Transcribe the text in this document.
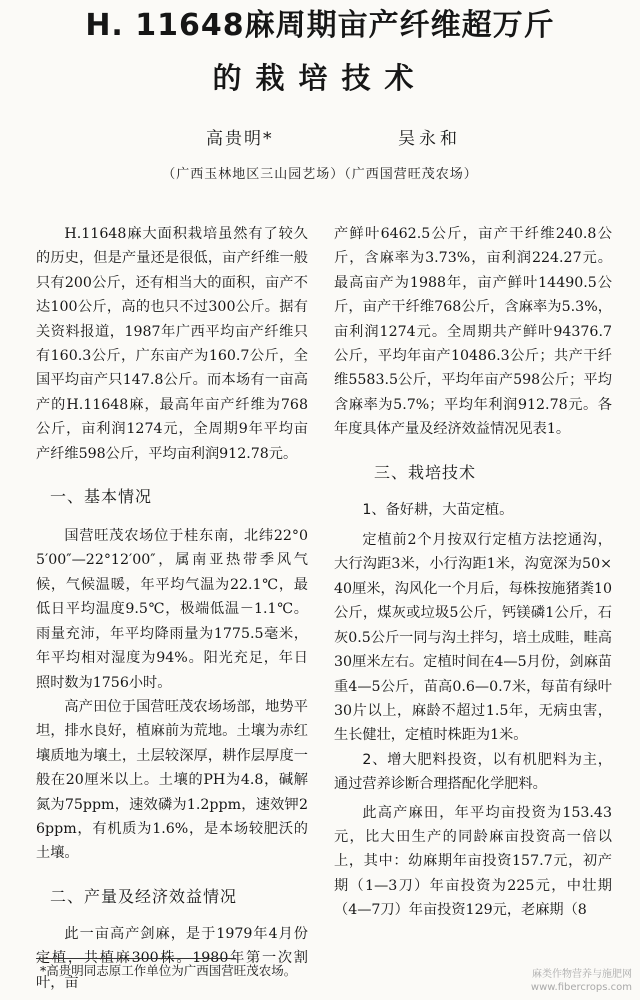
H. 11648麻周期亩产纤维超万斤
的栽培技术
高贵明*	吴永和
（广西玉林地区三山园艺场）（广西国营旺茂农场）

H.11648麻大面积栽培虽然有了较久的历史，但是产量还是很低，亩产纤维一般只有200公斤，还有相当大的面积，亩产不达100公斤，高的也只不过300公斤。据有关资料报道，1987年广西平均亩产纤维只有160.3公斤，广东亩产为160.7公斤，全国平均亩产只147.8公斤。而本场有一亩高产的H.11648麻，最高年亩产纤维为768公斤，亩利润1274元，全周期9年平均亩产纤维598公斤，平均亩利润912.78元。

一、基本情况

国营旺茂农场位于桂东南，北纬22°05′00″—22°12′00″，属南亚热带季风气候，气候温暖，年平均气温为22.1℃，最低日平均温度9.5℃，极端低温－1.1℃。雨量充沛，年平均降雨量为1775.5毫米，年平均相对湿度为94%。阳光充足，年日照时数为1756小时。

高产田位于国营旺茂农场场部，地势平坦，排水良好，植麻前为荒地。土壤为赤红壤质地为壤土，土层较深厚，耕作层厚度一般在20厘米以上。土壤的PH为4.8，碱解氮为75ppm，速效磷为1.2ppm，速效钾26ppm，有机质为1.6%，是本场较肥沃的土壤。

二、产量及经济效益情况

此一亩高产剑麻，是于1979年4月份定植，共植麻300株。1980年第一次割叶，亩

产鲜叶6462.5公斤，亩产干纤维240.8公斤，含麻率为3.73%，亩利润224.27元。最高亩产为1988年，亩产鲜叶14490.5公斤，亩产干纤维768公斤，含麻率为5.3%，亩利润1274元。全周期共产鲜叶94376.7公斤，平均年亩产10486.3公斤；共产干纤维5583.5公斤，平均年亩产598公斤；平均含麻率为5.7%；平均年利润912.78元。各年度具体产量及经济效益情况见表1。

三、栽培技术

1、备好耕，大苗定植。

定植前2个月按双行定植方法挖通沟，大行沟距3米，小行沟距1米，沟宽深为50×40厘米，沟风化一个月后，每株按施猪粪10公斤，煤灰或垃圾5公斤，钙镁磷1公斤，石灰0.5公斤一同与沟土拌匀，培土成畦，畦高30厘米左右。定植时间在4—5月份，剑麻苗重4—5公斤，苗高0.6—0.7米，每苗有绿叶30片以上，麻龄不超过1.5年，无病虫害，生长健壮，定植时株距为1米。

2、增大肥料投资，以有机肥料为主，通过营养诊断合理搭配化学肥料。

此高产麻田，年平均亩投资为153.43元，比大田生产的同龄麻亩投资高一倍以上，其中：幼麻期年亩投资157.7元，初产期（1—3刀）年亩投资为225元，中壮期（4—7刀）年亩投资129元，老麻期（8

*高贵明同志原工作单位为广西国营旺茂农场。	麻类作物营养与施肥网
www.fibercrops.com
